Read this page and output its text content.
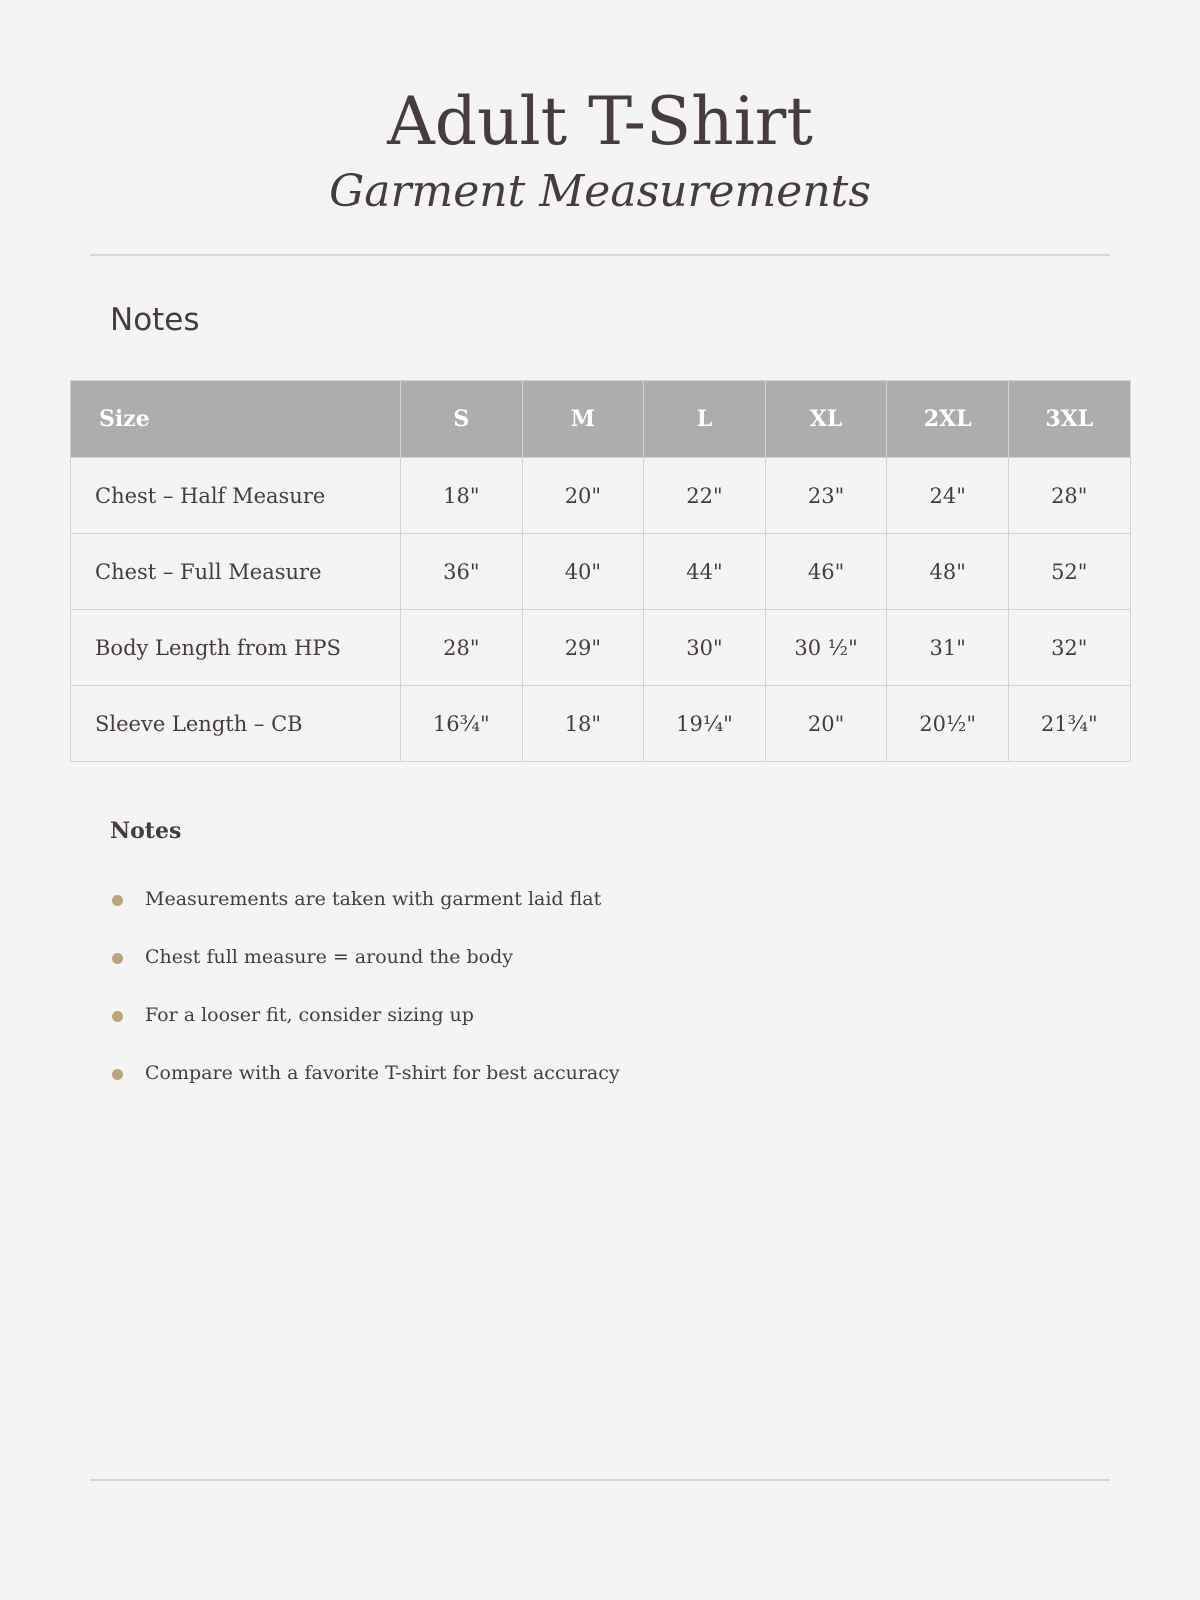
Adult T-Shirt
Garment Measurements
Notes
Size	S	M	L	XL	2XL	3XL
Chest – Half Measure	18"	20"	22"	23"	24"	28"
Chest – Full Measure	36"	40"	44"	46"	48"	52"
Body Length from HPS	28"	29"	30"	30 ½"	31"	32"
Sleeve Length – CB	16¾"	18"	19¼"	20"	20½"	21¾"
Notes
Measurements are taken with garment laid flat
Chest full measure = around the body
For a looser fit, consider sizing up
Compare with a favorite T-shirt for best accuracy
